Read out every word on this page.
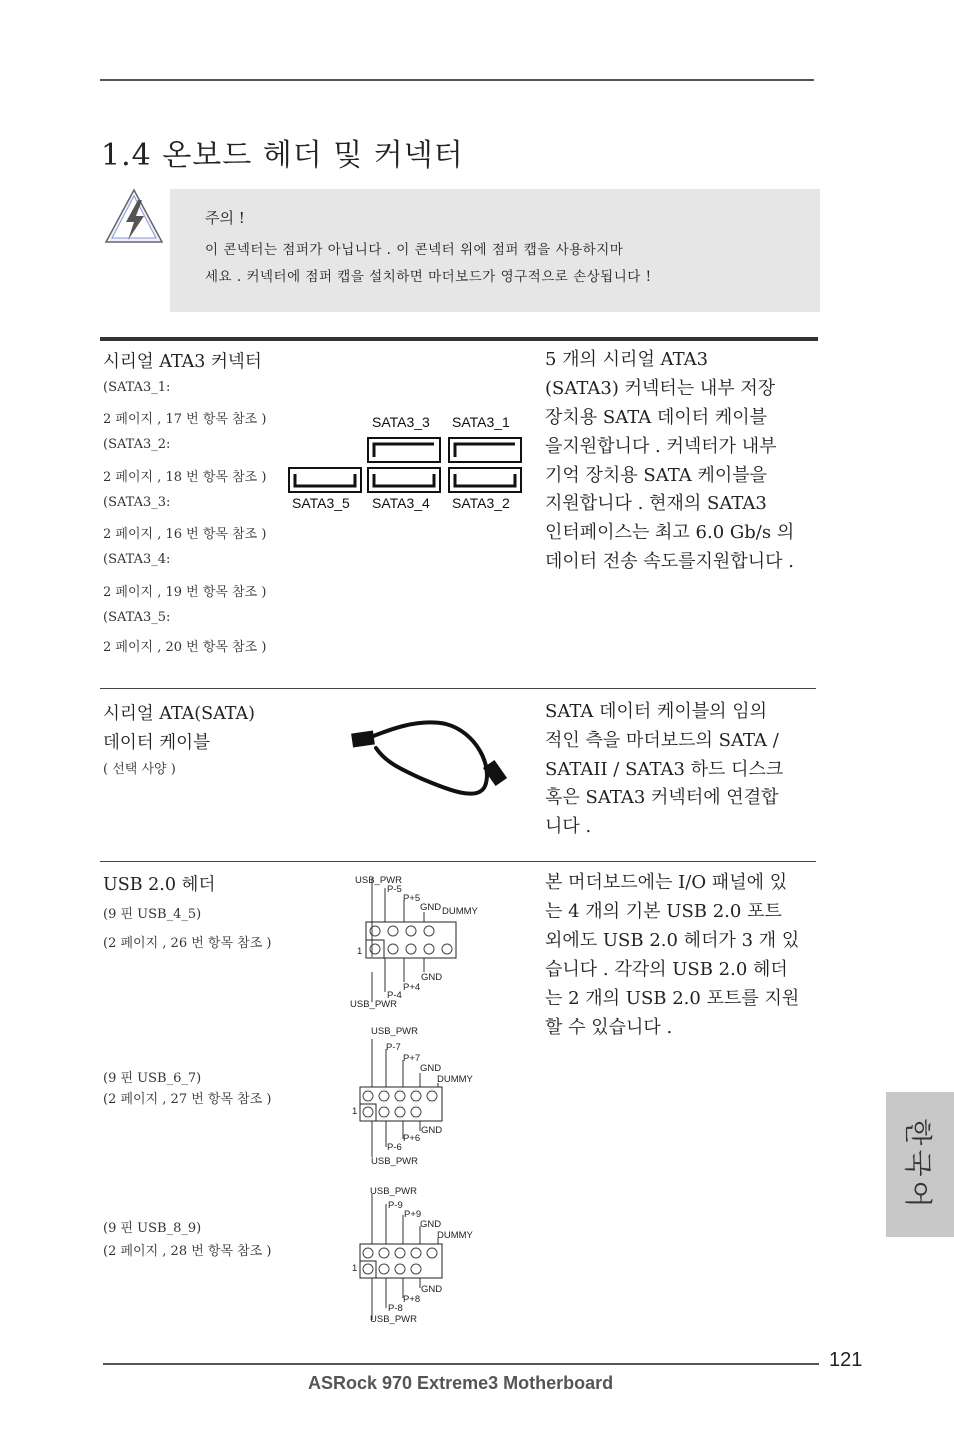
1.4 온보드 헤더 및 커넥터
주의 !
이 콘넥터는 점퍼가 아닙니다 . 이 콘넥터 위에 점퍼 캡을 사용하지마
세요 . 커넥터에 점퍼 캡을 설치하면 마더보드가 영구적으로 손상됩니다 !
시리얼 ATA3 커넥터
(SATA3_1:
2 페이지 , 17 번 항목 참조 )
(SATA3_2:
2 페이지 , 18 번 항목 참조 )
(SATA3_3:
2 페이지 , 16 번 항목 참조 )
(SATA3_4:
2 페이지 , 19 번 항목 참조 )
(SATA3_5:
2 페이지 , 20 번 항목 참조 )
SATA3_3 SATA3_1
SATA3_5 SATA3_4 SATA3_2
5 개의 시리얼 ATA3
(SATA3) 커넥터는 내부 저장
장치용 SATA 데이터 케이블
을지원합니다 . 커넥터가 내부
기억 장치용 SATA 케이블을
지원합니다 . 현재의 SATA3
인터페이스는 최고 6.0 Gb/s 의
데이터 전송 속도를지원합니다 .
시리얼 ATA(SATA)
데이터 케이블
( 선택 사양 )
SATA 데이터 케이블의 임의
적인 측을 마더보드의 SATA /
SATAII / SATA3 하드 디스크
혹은 SATA3 커넥터에 연결합
니다 .
USB 2.0 헤더
(9 핀 USB_4_5)
(2 페이지 , 26 번 항목 참조 )
(9 핀 USB_6_7)
(2 페이지 , 27 번 항목 참조 )
(9 핀 USB_8_9)
(2 페이지 , 28 번 항목 참조 )
USB_PWR
P-5
P+5
GND DUMMY
1
GND
P+4
P-4
USB_PWR
USB_PWR
P-7
P+7
GND
DUMMY
1
GND
P+6
P-6
USB_PWR
USB_PWR
P-9
P+9
GND
DUMMY
1
GND
P+8
P-8
USB_PWR
본 머더보드에는 I/O 패널에 있
는 4 개의 기본 USB 2.0 포트
외에도 USB 2.0 헤더가 3 개 있
습니다 . 각각의 USB 2.0 헤더
는 2 개의 USB 2.0 포트를 지원
할 수 있습니다 .
한국어
121
ASRock 970 Extreme3 Motherboard
